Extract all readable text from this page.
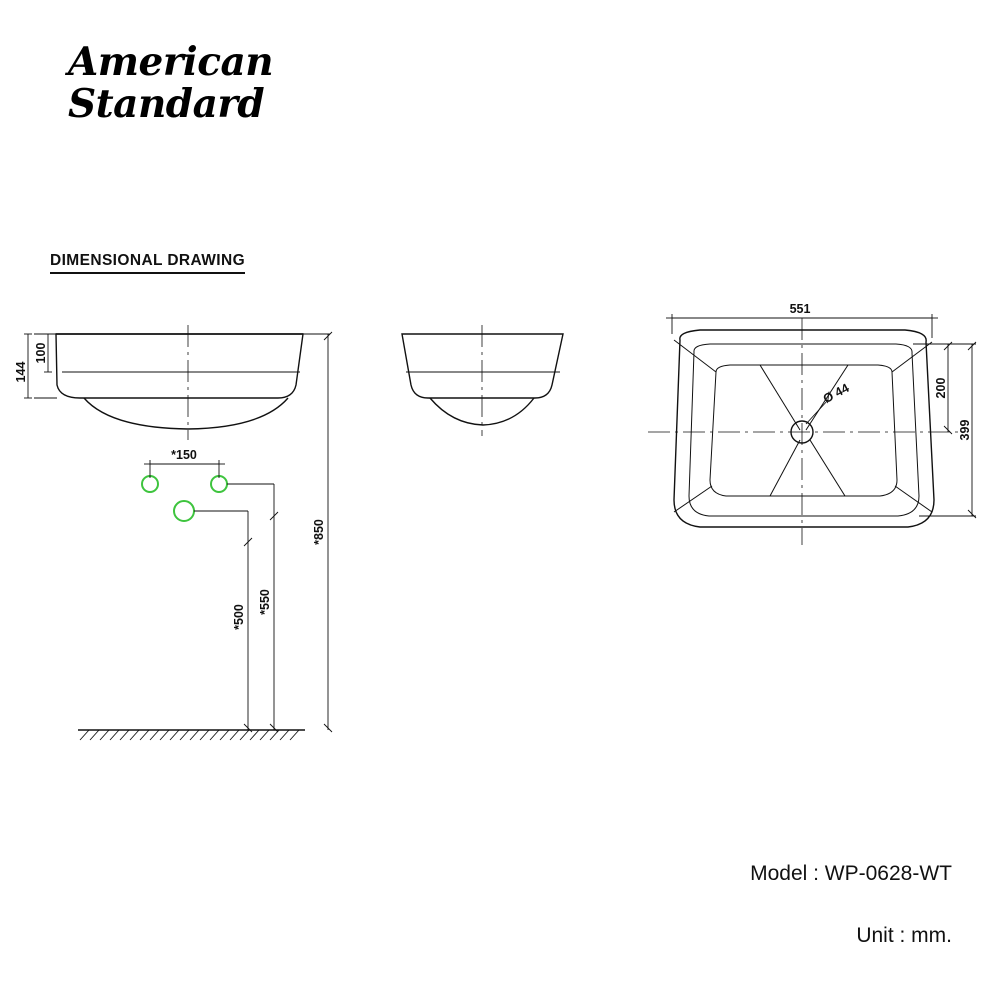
American
Standard
DIMENSIONAL DRAWING
144
100
*150
*550
*500
*850
Ø 44
551
200
399
Model : WP-0628-WT
Unit : mm.
